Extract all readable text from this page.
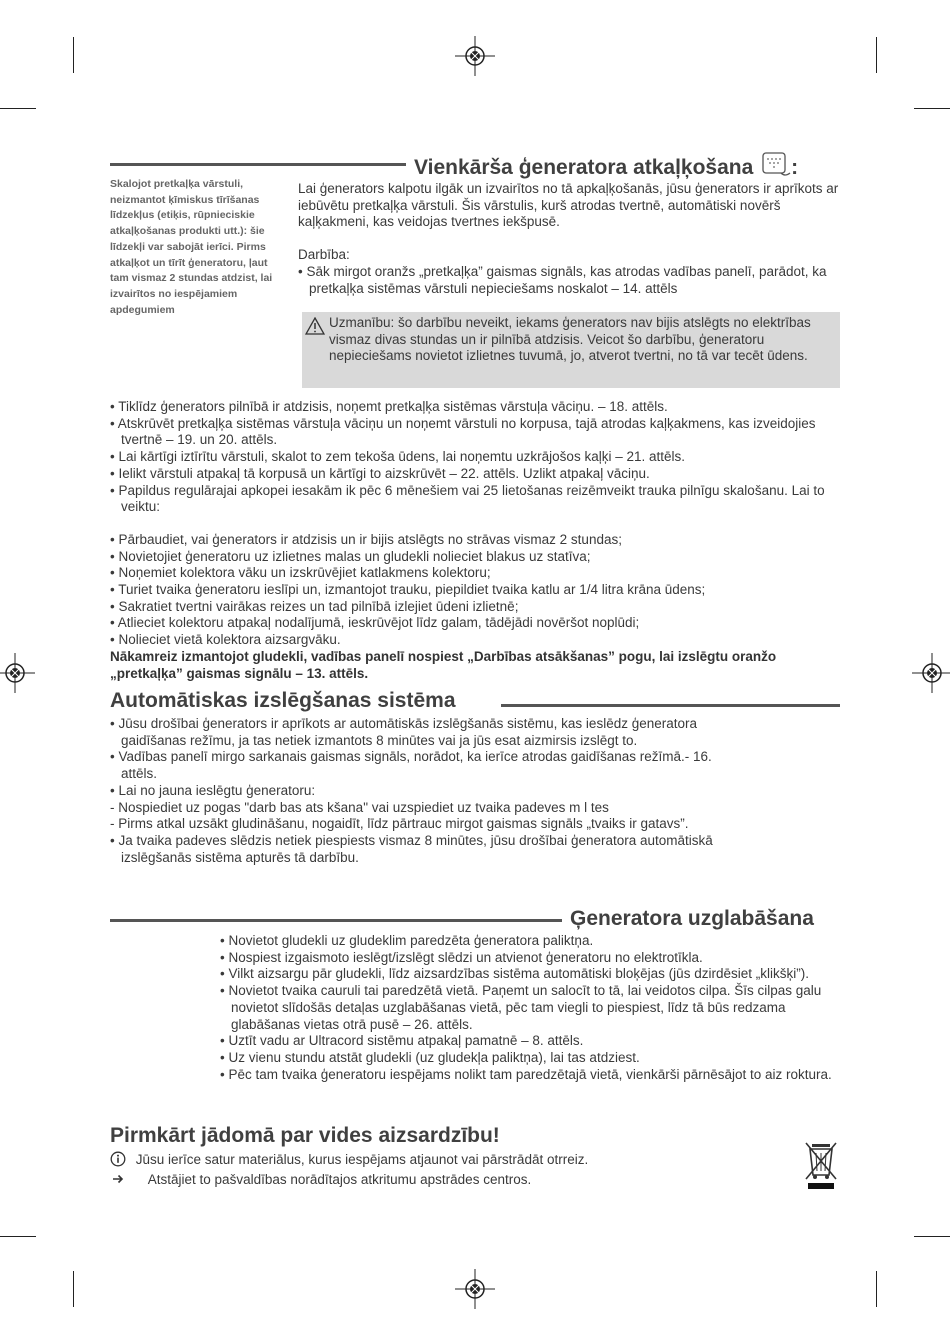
Vienkārša ģeneratora atkaļķošana :
Skalojot pretkaļķa vārstuli, neizmantot ķīmiskus tīrīšanas līdzekļus (etiķis, rūpnieciskie atkaļķošanas produkti utt.): šie līdzekļi var sabojāt ierīci. Pirms atkaļķot un tīrīt ģeneratoru, ļaut tam vismaz 2 stundas atdzist, lai izvairītos no iespējamiem apdegumiem

Lai ģenerators kalpotu ilgāk un izvairītos no tā apkaļķošanās, jūsu ģenerators ir aprīkots ar iebūvētu pretkaļķa vārstuli. Šis vārstulis, kurš atrodas tvertnē, automātiski novērš kaļķakmeni, kas veidojas tvertnes iekšpusē.

Darbība:

• Sāk mirgot oranžs „pretkaļķa” gaismas signāls, kas atrodas vadības panelī, parādot, ka pretkaļķa sistēmas vārstuli nepieciešams noskalot – 14. attēls
Uzmanību: šo darbību neveikt, iekams ģenerators nav bijis atslēgts no elektrības vismaz divas stundas un ir pilnībā atdzisis. Veicot šo darbību, ģeneratoru nepieciešams novietot izlietnes tuvumā, jo, atverot tvertni, no tā var tecēt ūdens.
• Tiklīdz ģenerators pilnībā ir atdzisis, noņemt pretkaļķa sistēmas vārstuļa vāciņu. – 18. attēls.
• Atskrūvēt pretkaļķa sistēmas vārstuļa vāciņu un noņemt vārstuli no korpusa, tajā atrodas kaļķakmens, kas izveidojies tvertnē – 19. un 20. attēls.
• Lai kārtīgi iztīrītu vārstuli, skalot to zem tekoša ūdens, lai noņemtu uzkrājošos kaļķi – 21. attēls.
• Ielikt vārstuli atpakaļ tā korpusā un kārtīgi to aizskrūvēt – 22. attēls. Uzlikt atpakaļ vāciņu.
• Papildus regulārajai apkopei iesakām ik pēc 6 mēnešiem vai 25 lietošanas reizēmveikt trauka pilnīgu skalošanu. Lai to veiktu:
• Pārbaudiet, vai ģenerators ir atdzisis un ir bijis atslēgts no strāvas vismaz 2 stundas;
• Novietojiet ģeneratoru uz izlietnes malas un gludekli nolieciet blakus uz statīva;
• Noņemiet kolektora vāku un izskrūvējiet katlakmens kolektoru;
• Turiet tvaika ģeneratoru ieslīpi un, izmantojot trauku, piepildiet tvaika katlu ar 1/4 litra krāna ūdens;
• Sakratiet tvertni vairākas reizes un tad pilnībā izlejiet ūdeni izlietnē;
• Atlieciet kolektoru atpakaļ nodalījumā, ieskrūvējot līdz galam, tādējādi novēršot noplūdi;
• Nolieciet vietā kolektora aizsargvāku.

Nākamreiz izmantojot gludekli, vadības panelī nospiest „Darbības atsākšanas” pogu, lai izslēgtu oranžo „pretkaļķa” gaismas signālu – 13. attēls.

Automātiskas izslēgšanas sistēma
• Jūsu drošībai ģenerators ir aprīkots ar automātiskās izslēgšanās sistēmu, kas ieslēdz ģeneratora gaidīšanas režīmu, ja tas netiek izmantots 8 minūtes vai ja jūs esat aizmirsis izslēgt to.
• Vadības panelī mirgo sarkanais gaismas signāls, norādot, ka ierīce atrodas gaidīšanas režīmā.- 16. attēls.
• Lai no jauna ieslēgtu ģeneratoru:
- Nospiediet uz pogas "darb bas ats kšana" vai uzspiediet uz tvaika padeves m l tes
- Pirms atkal uzsākt gludināšanu, nogaidīt, līdz pārtrauc mirgot gaismas signāls „tvaiks ir gatavs”.
• Ja tvaika padeves slēdzis netiek piespiests vismaz 8 minūtes, jūsu drošībai ģeneratora automātiskā izslēgšanās sistēma apturēs tā darbību.
Ģeneratora uzglabāšana
• Novietot gludekli uz gludeklim paredzēta ģeneratora paliktņa.
• Nospiest izgaismoto ieslēgt/izslēgt slēdzi un atvienot ģeneratoru no elektrotīkla.
• Vilkt aizsargu pār gludekli, līdz aizsardzības sistēma automātiski bloķējas (jūs dzirdēsiet „klikšķi”).
• Novietot tvaika cauruli tai paredzētā vietā. Paņemt un salocīt to tā, lai veidotos cilpa. Šīs cilpas galu novietot slīdošās detaļas uzglabāšanas vietā, pēc tam viegli to piespiest, līdz tā būs redzama glabāšanas vietas otrā pusē – 26. attēls.
• Uztīt vadu ar Ultracord sistēmu atpakaļ pamatnē – 8. attēls.
• Uz vienu stundu atstāt gludekli (uz gludekļa paliktņa), lai tas atdziest.
• Pēc tam tvaika ģeneratoru iespējams nolikt tam paredzētajā vietā, vienkārši pārnēsājot to aiz roktura.
Pirmkārt jādomā par vides aizsardzību!
Jūsu ierīce satur materiālus, kurus iespējams atjaunot vai pārstrādāt otrreiz.
Atstājiet to pašvaldības norādītajos atkritumu apstrādes centros.
